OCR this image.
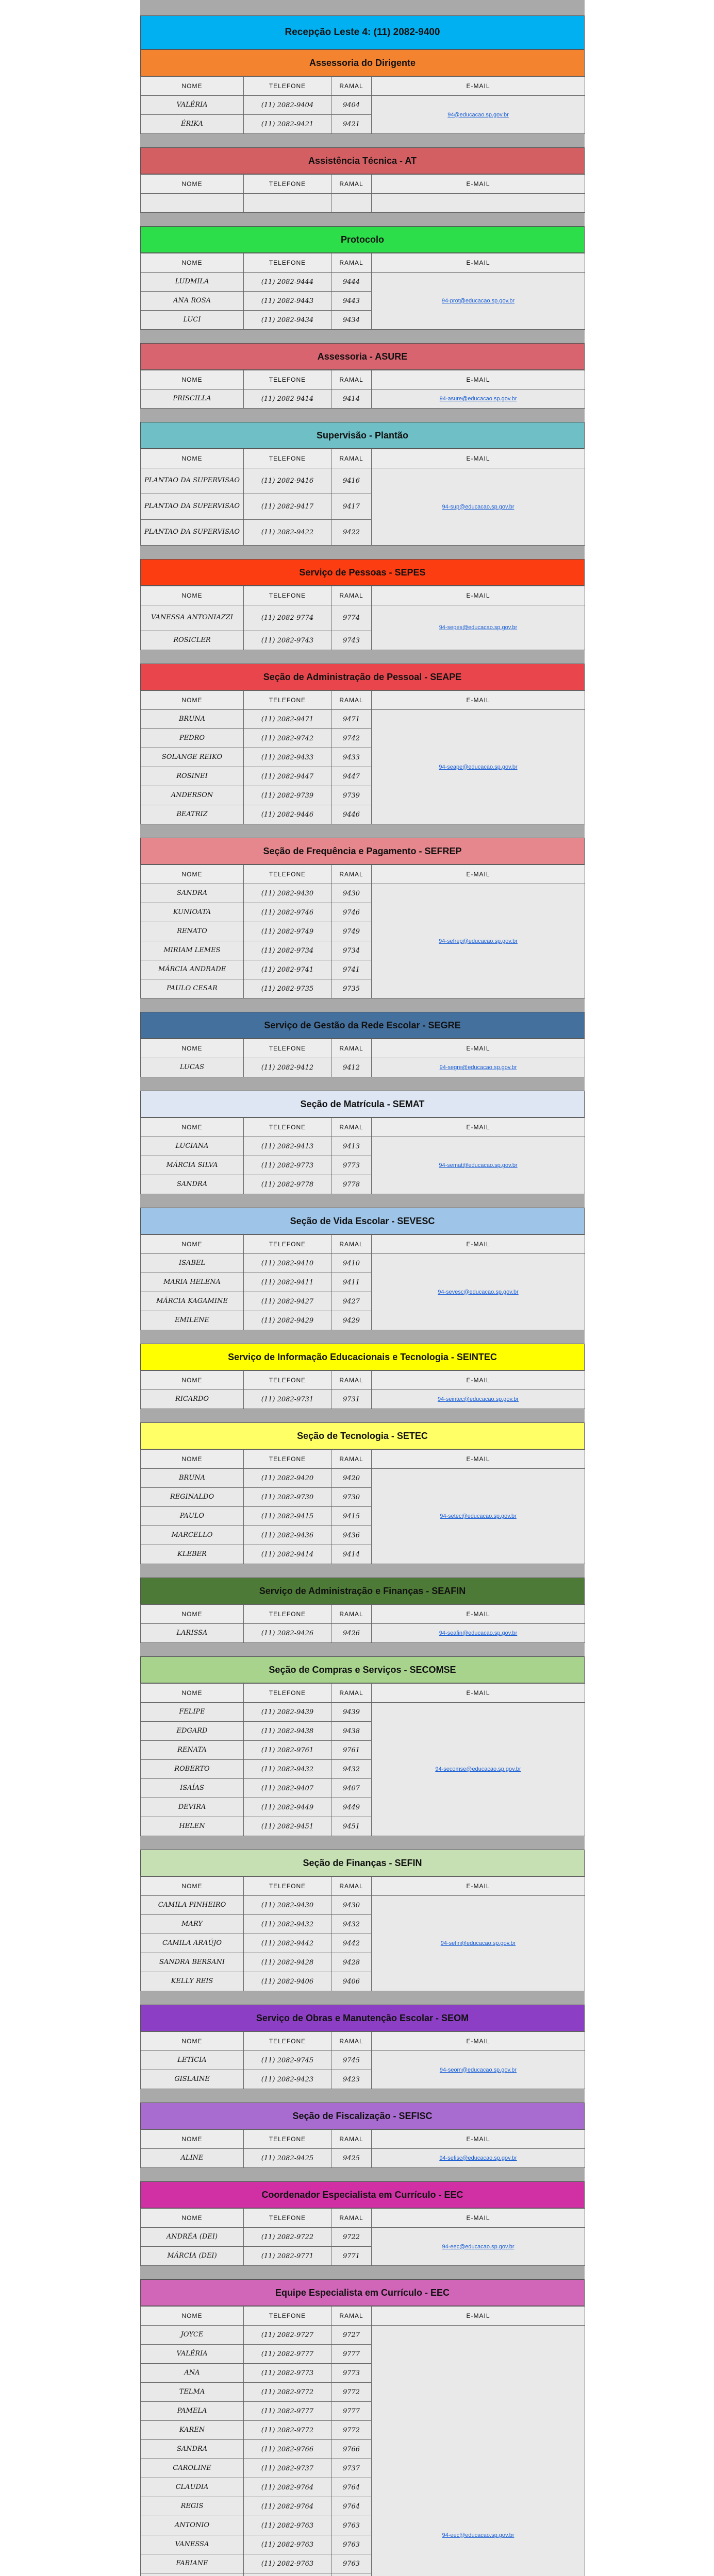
Recepção Leste 4: (11) 2082-9400
Assessoria do Dirigente
NOME	TELEFONE	RAMAL	E-MAIL
VALÉRIA	(11) 2082-9404	9404	94@educacao.sp.gov.br
ÉRIKA	(11) 2082-9421	9421	
Assistência Técnica - AT
NOME	TELEFONE	RAMAL	E-MAIL

Protocolo
NOME	TELEFONE	RAMAL	E-MAIL
LUDMILA	(11) 2082-9444	9444	94-prot@educacao.sp.gov.br
ANA ROSA	(11) 2082-9443	9443	
LUCI	(11) 2082-9434	9434	
Assessoria - ASURE
NOME	TELEFONE	RAMAL	E-MAIL
PRISCILLA	(11) 2082-9414	9414	94-asure@educacao.sp.gov.br
Supervisão - Plantão
NOME	TELEFONE	RAMAL	E-MAIL
PLANTAO DA SUPERVISAO	(11) 2082-9416	9416	94-sup@educacao.sp.gov.br
PLANTAO DA SUPERVISAO	(11) 2082-9417	9417	
PLANTAO DA SUPERVISAO	(11) 2082-9422	9422	
Serviço de Pessoas - SEPES
NOME	TELEFONE	RAMAL	E-MAIL
VANESSA ANTONIAZZI	(11) 2082-9774	9774	94-sepes@educacao.sp.gov.br
ROSICLER	(11) 2082-9743	9743	
Seção de Administração de Pessoal - SEAPE
NOME	TELEFONE	RAMAL	E-MAIL
BRUNA	(11) 2082-9471	9471	94-seape@educacao.sp.gov.br
PEDRO	(11) 2082-9742	9742	
SOLANGE REIKO	(11) 2082-9433	9433	
ROSINEI	(11) 2082-9447	9447	
ANDERSON	(11) 2082-9739	9739	
BEATRIZ	(11) 2082-9446	9446	
Seção de Frequência e Pagamento - SEFREP
NOME	TELEFONE	RAMAL	E-MAIL
SANDRA	(11) 2082-9430	9430	94-sefrep@educacao.sp.gov.br
KUNIOATA	(11) 2082-9746	9746	
RENATO	(11) 2082-9749	9749	
MIRIAM LEMES	(11) 2082-9734	9734	
MÁRCIA ANDRADE	(11) 2082-9741	9741	
PAULO CESAR	(11) 2082-9735	9735	
Serviço de Gestão da Rede Escolar - SEGRE
NOME	TELEFONE	RAMAL	E-MAIL
LUCAS	(11) 2082-9412	9412	94-segre@educacao.sp.gov.br
Seção de Matrícula - SEMAT
NOME	TELEFONE	RAMAL	E-MAIL
LUCIANA	(11) 2082-9413	9413	94-semat@educacao.sp.gov.br
MÁRCIA SILVA	(11) 2082-9773	9773	
SANDRA	(11) 2082-9778	9778	
Seção de Vida Escolar - SEVESC
NOME	TELEFONE	RAMAL	E-MAIL
ISABEL	(11) 2082-9410	9410	94-sevesc@educacao.sp.gov.br
MARIA HELENA	(11) 2082-9411	9411	
MÁRCIA KAGAMINE	(11) 2082-9427	9427	
EMILENE	(11) 2082-9429	9429	
Serviço de Informação Educacionais e Tecnologia - SEINTEC
NOME	TELEFONE	RAMAL	E-MAIL
RICARDO	(11) 2082-9731	9731	94-seintec@educacao.sp.gov.br
Seção de Tecnologia - SETEC
NOME	TELEFONE	RAMAL	E-MAIL
BRUNA	(11) 2082-9420	9420	94-setec@educacao.sp.gov.br
REGINALDO	(11) 2082-9730	9730	
PAULO	(11) 2082-9415	9415	
MARCELLO	(11) 2082-9436	9436	
KLEBER	(11) 2082-9414	9414	
Serviço de Administração e Finanças - SEAFIN
NOME	TELEFONE	RAMAL	E-MAIL
LARISSA	(11) 2082-9426	9426	94-seafin@educacao.sp.gov.br
Seção de Compras e Serviços - SECOMSE
NOME	TELEFONE	RAMAL	E-MAIL
FELIPE	(11) 2082-9439	9439	94-secomse@educacao.sp.gov.br
EDGARD	(11) 2082-9438	9438	
RENATA	(11) 2082-9761	9761	
ROBERTO	(11) 2082-9432	9432	
ISAÍAS	(11) 2082-9407	9407	
DEVIRA	(11) 2082-9449	9449	
HELEN	(11) 2082-9451	9451	
Seção de Finanças - SEFIN
NOME	TELEFONE	RAMAL	E-MAIL
CAMILA PINHEIRO	(11) 2082-9430	9430	94-sefin@educacao.sp.gov.br
MARY	(11) 2082-9432	9432	
CAMILA ARAÚJO	(11) 2082-9442	9442	
SANDRA BERSANI	(11) 2082-9428	9428	
KELLY REIS	(11) 2082-9406	9406	
Serviço de Obras e Manutenção Escolar - SEOM
NOME	TELEFONE	RAMAL	E-MAIL
LETICIA	(11) 2082-9745	9745	94-seom@educacao.sp.gov.br
GISLAINE	(11) 2082-9423	9423	
Seção de Fiscalização - SEFISC
NOME	TELEFONE	RAMAL	E-MAIL
ALINE	(11) 2082-9425	9425	94-sefisc@educacao.sp.gov.br
Coordenador Especialista em Currículo - EEC
NOME	TELEFONE	RAMAL	E-MAIL
ANDRÉA (DEI)	(11) 2082-9722	9722	94-eec@educacao.sp.gov.br
MÁRCIA (DEI)	(11) 2082-9771	9771	
Equipe Especialista em Currículo - EEC
NOME	TELEFONE	RAMAL	E-MAIL
JOYCE	(11) 2082-9727	9727	94-eec@educacao.sp.gov.br
VALÉRIA	(11) 2082-9777	9777	
ANA	(11) 2082-9773	9773	
TELMA	(11) 2082-9772	9772	
PAMELA	(11) 2082-9777	9777	
KAREN	(11) 2082-9772	9772	
SANDRA	(11) 2082-9766	9766	
CAROLINE	(11) 2082-9737	9737	
CLAUDIA	(11) 2082-9764	9764	
REGIS	(11) 2082-9764	9764	
ANTONIO	(11) 2082-9763	9763	
VANESSA	(11) 2082-9763	9763	
FABIANE	(11) 2082-9763	9763	
